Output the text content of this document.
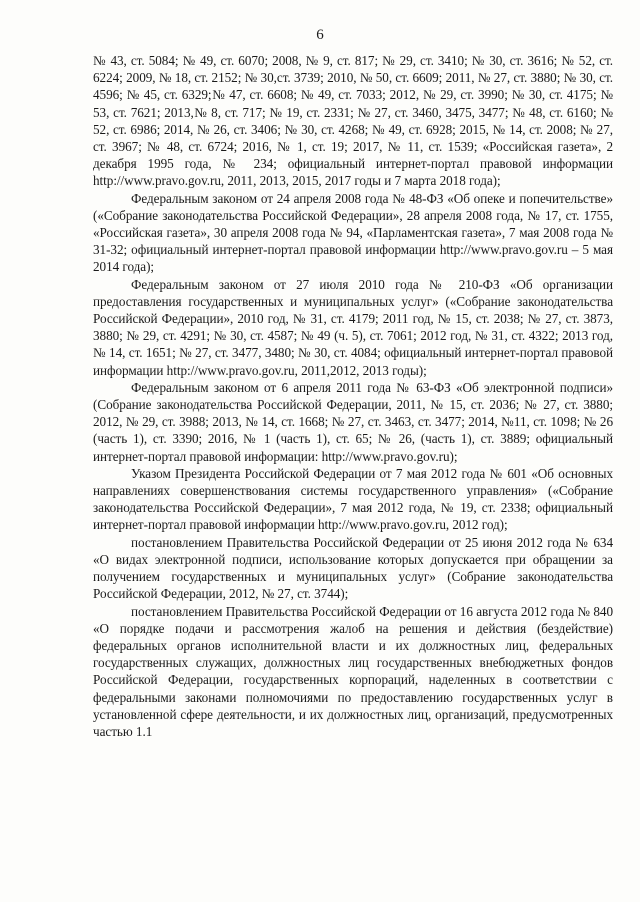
6

№ 43, ст. 5084; № 49, ст. 6070; 2008, № 9, ст. 817; № 29, ст. 3410; № 30, ст. 3616; № 52, ст. 6224; 2009, № 18, ст. 2152; № 30,ст. 3739; 2010, № 50, ст. 6609; 2011, № 27, ст. 3880; № 30, ст. 4596; № 45, ст. 6329;№ 47, ст. 6608; № 49, ст. 7033; 2012, № 29, ст. 3990; № 30, ст. 4175; № 53, ст. 7621; 2013,№ 8, ст. 717; № 19, ст. 2331; № 27, ст. 3460, 3475, 3477; № 48, ст. 6160; № 52, ст. 6986; 2014, № 26, ст. 3406; № 30, ст. 4268; № 49, ст. 6928; 2015, № 14, ст. 2008; № 27, ст. 3967; № 48, ст. 6724; 2016, № 1, ст. 19; 2017, № 11, ст. 1539; «Российская газета», 2 декабря 1995 года, № 234; официальный интернет-портал правовой информации http://www.pravo.gov.ru, 2011, 2013, 2015, 2017 годы и 7 марта 2018 года);

Федеральным законом от 24 апреля 2008 года № 48-ФЗ «Об опеке и попечительстве» («Собрание законодательства Российской Федерации», 28 апреля 2008 года, № 17, ст. 1755, «Российская газета», 30 апреля 2008 года № 94, «Парламентская газета», 7 мая 2008 года № 31-32; официальный интернет-портал правовой информации http://www.pravo.gov.ru – 5 мая 2014 года);

Федеральным законом от 27 июля 2010 года № 210-ФЗ «Об организации предоставления государственных и муниципальных услуг» («Собрание законодательства Российской Федерации», 2010 год, № 31, ст. 4179; 2011 год, № 15, ст. 2038; № 27, ст. 3873, 3880; № 29, ст. 4291; № 30, ст. 4587; № 49 (ч. 5), ст. 7061; 2012 год, № 31, ст. 4322; 2013 год, № 14, ст. 1651; № 27, ст. 3477, 3480; № 30, ст. 4084; официальный интернет-портал правовой информации http://www.pravo.gov.ru, 2011,2012, 2013 годы);

Федеральным законом от 6 апреля 2011 года № 63-ФЗ «Об электронной подписи» (Собрание законодательства Российской Федерации, 2011, № 15, ст. 2036; № 27, ст. 3880; 2012, № 29, ст. 3988; 2013, № 14, ст. 1668; № 27, ст. 3463, ст. 3477; 2014, №11, ст. 1098; № 26 (часть 1), ст. 3390; 2016, № 1 (часть 1), ст. 65; № 26, (часть 1), ст. 3889; официальный интернет-портал правовой информации: http://www.pravo.gov.ru);

Указом Президента Российской Федерации от 7 мая 2012 года № 601 «Об основных направлениях совершенствования системы государственного управления» («Собрание законодательства Российской Федерации», 7 мая 2012 года, № 19, ст. 2338; официальный интернет-портал правовой информации http://www.pravo.gov.ru, 2012 год);

постановлением Правительства Российской Федерации от 25 июня 2012 года № 634 «О видах электронной подписи, использование которых допускается при обращении за получением государственных и муниципальных услуг» (Собрание законодательства Российской Федерации, 2012, № 27, ст. 3744);

постановлением Правительства Российской Федерации от 16 августа 2012 года № 840 «О порядке подачи и рассмотрения жалоб на решения и действия (бездействие) федеральных органов исполнительной власти и их должностных лиц, федеральных государственных служащих, должностных лиц государственных внебюджетных фондов Российской Федерации, государственных корпораций, наделенных в соответствии с федеральными законами полномочиями по предоставлению государственных услуг в установленной сфере деятельности, и их должностных лиц, организаций, предусмотренных частью 1.1
